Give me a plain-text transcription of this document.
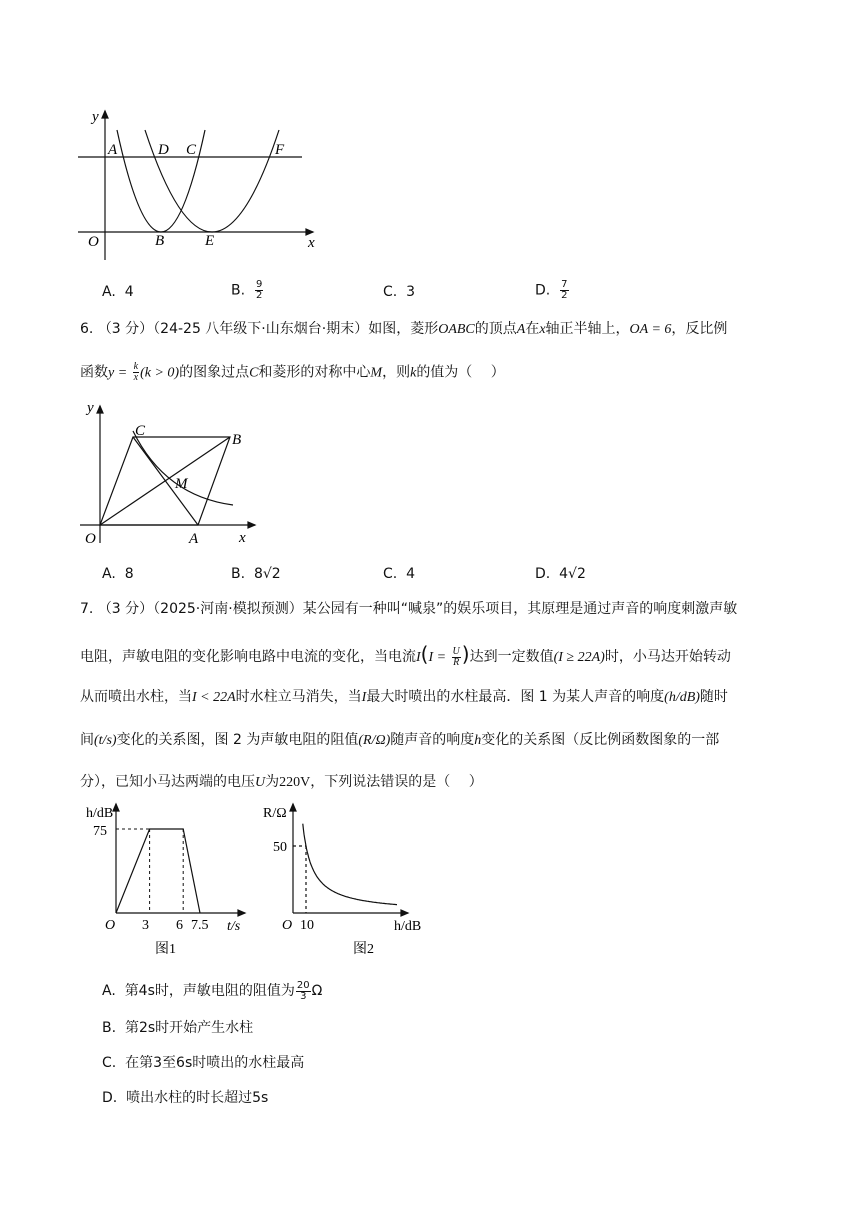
y
x
O
A
B
C
D
E
F
A. 4	B. $\frac{9}{2}$	C. 3	D. $\frac{7}{2}$
6. （3 分）（24-25 八年级下·山东烟台·期末）如图，菱形OABC的顶点A在x轴正半轴上，OA = 6，反比例
函数$y = \frac{k}{x} (k > 0)$的图象过点C和菱形的对称中心M，则k的值为（　 ）
y
x
O	A
B
C
M
A. 8	B. 8√2	C. 4	D. 4√2
7. （3 分）（2025·河南·模拟预测）某公园有一种叫“喊泉”的娱乐项目，其原理是通过声音的响度刺激声敏
电阻，声敏电阻的变化影响电路中电流的变化，当电流$I(I = \frac{U}{R}$ )达到一定数值(I ≥ 22A)时，小马达开始转动
从而喷出水柱，当I < 22A时水柱立马消失，当I最大时喷出的水柱最高．图 1 为某人声音的响度(h/dB)随时
间(t/s)变化的关系图，图 2 为声敏电阻的阻值(R/Ω)随声音的响度h变化的关系图（反比例函数图象的一部
分），已知小马达两端的电压U为220V，下列说法错误的是（　 ）
h/dB
t/s
O
75
3 6 7.5
图1
R/Ω
h/dB
O
50
10
图2
A. 第4s时，声敏电阻的阻值为 $\frac{20}{3}$ Ω
B. 第2s时开始产生水柱
C. 在第3至6s时喷出的水柱最高
D. 喷出水柱的时长超过5s
